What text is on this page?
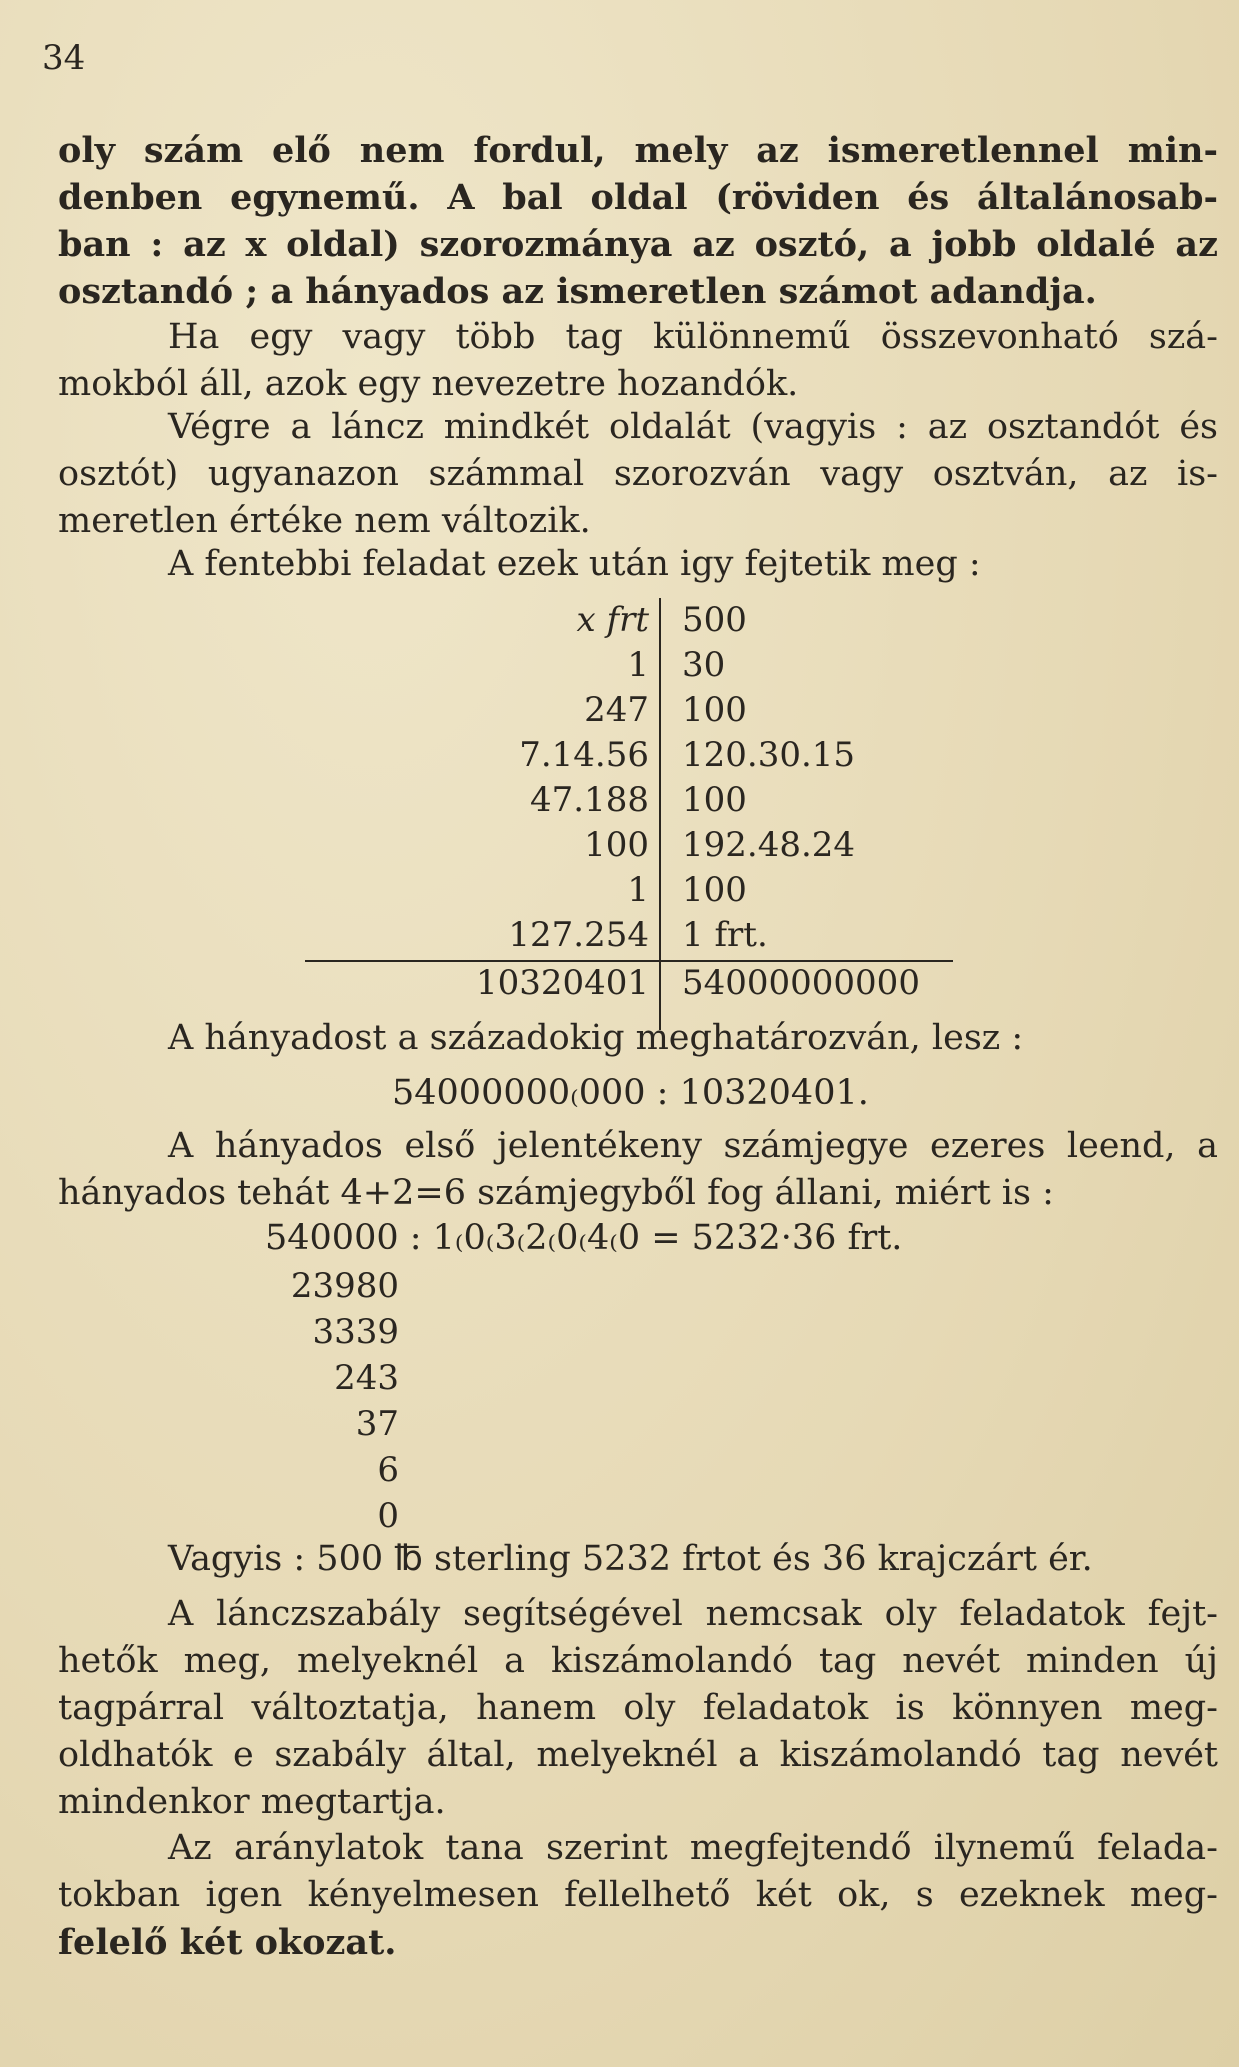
34
oly szám elő nem fordul, mely az ismeretlennel min-
denben egynemű. A bal oldal (röviden és általánosab-
ban : az x oldal) szorozmánya az osztó, a jobb oldalé az
osztandó ; a hányados az ismeretlen számot adandja.
Ha egy vagy több tag különnemű összevonható szá-
mokból áll, azok egy nevezetre hozandók.
Végre a láncz mindkét oldalát (vagyis : az osztandót és
osztót) ugyanazon számmal szorozván vagy osztván, az is-
meretlen értéke nem változik.
A fentebbi feladat ezek után igy fejtetik meg :
x frt
1
247
7.14.56
47.188
100
1
127.254
500
30
100
120.30.15
100
192.48.24
100
1 frt.
10320401 54000000000
A hányadost a századokig meghatározván, lesz :
54000000₍000 : 10320401.
A hányados első jelentékeny számjegye ezeres leend, a
hányados tehát 4+2=6 számjegyből fog állani, miért is :
540000 : 1₍0₍3₍2₍0₍4₍0 = 5232·36 frt.
23980
3339
243
37
6
0
Vagyis : 500 ℔ sterling 5232 frtot és 36 krajczárt ér.
A lánczszabály segítségével nemcsak oly feladatok fejt-
hetők meg, melyeknél a kiszámolandó tag nevét minden új
tagpárral változtatja, hanem oly feladatok is könnyen meg-
oldhatók e szabály által, melyeknél a kiszámolandó tag nevét
mindenkor megtartja.
Az aránylatok tana szerint megfejtendő ilynemű felada-
tokban igen kényelmesen fellelhető két ok, s ezeknek meg-
felelő két okozat.
